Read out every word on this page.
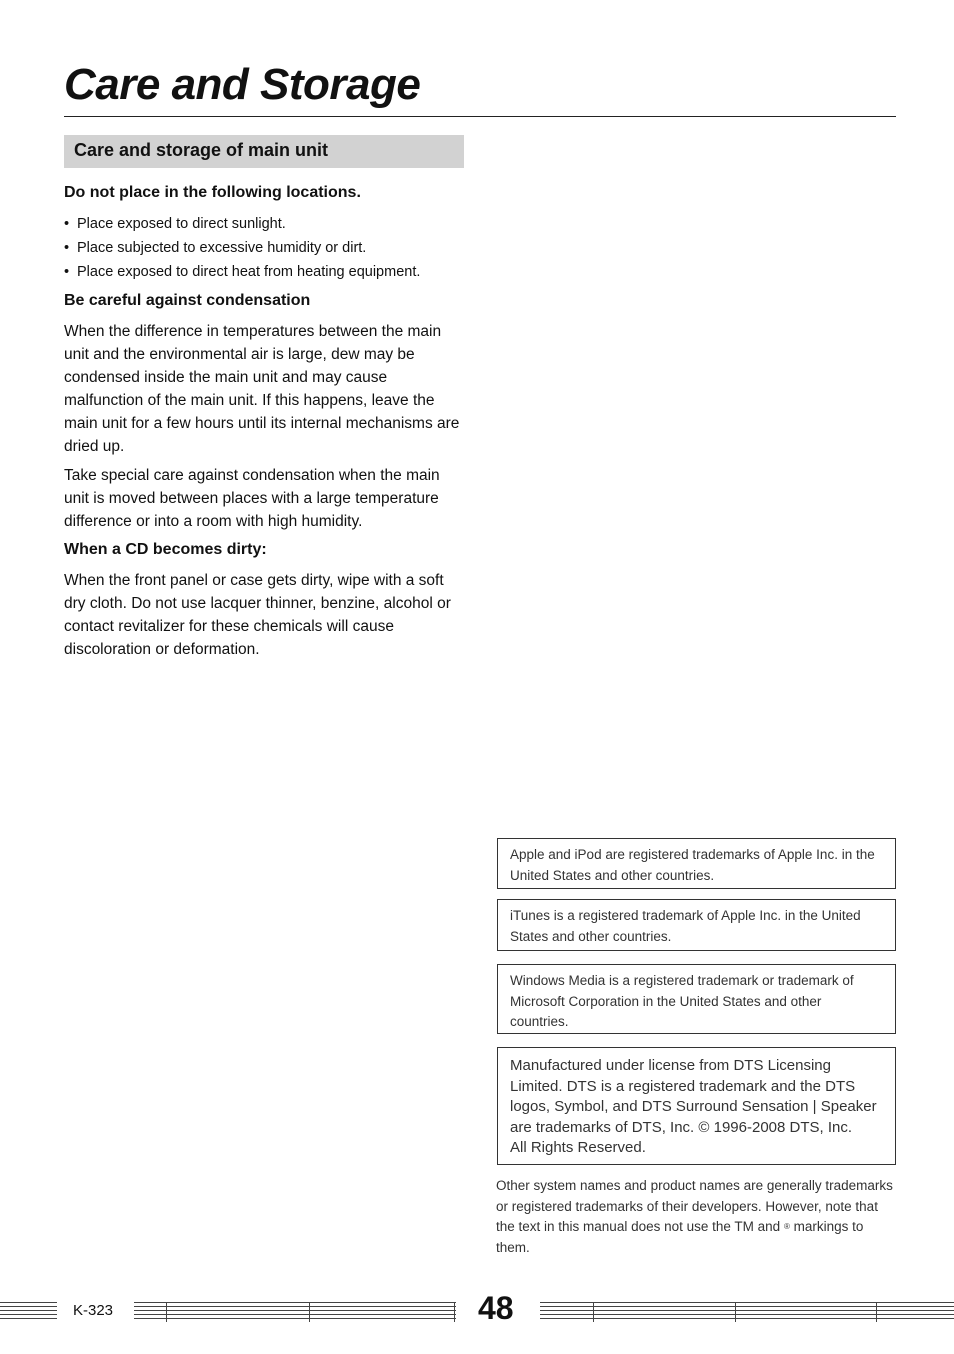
Care and Storage
Care and storage of main unit
Do not place in the following locations.
• Place exposed to direct sunlight.
• Place subjected to excessive humidity or dirt.
• Place exposed to direct heat from heating equipment.
Be careful against condensation

When the difference in temperatures between the main unit and the environmental air is large, dew may be condensed inside the main unit and may cause malfunction of the main unit. If this happens, leave the main unit for a few hours until its internal mechanisms are dried up.

Take special care against condensation when the main unit is moved between places with a large temperature difference or into a room with high humidity.

When a CD becomes dirty:

When the front panel or case gets dirty, wipe with a soft dry cloth. Do not use lacquer thinner, benzine, alcohol or contact revitalizer for these chemicals will cause discoloration or deformation.

Apple and iPod are registered trademarks of Apple Inc. in the United States and other countries.
iTunes is a registered trademark of Apple Inc. in the United States and other countries.
Windows Media is a registered trademark or trademark of Microsoft Corporation in the United States and other countries.
Manufactured under license from DTS Licensing Limited. DTS is a registered trademark and the DTS logos, Symbol, and DTS Surround Sensation | Speaker are trademarks of DTS, Inc. © 1996-2008 DTS, Inc.
All Rights Reserved.
Other system names and product names are generally trademarks or registered trademarks of their developers. However, note that the text in this manual does not use the TM and ® markings to them.
K-323	48
